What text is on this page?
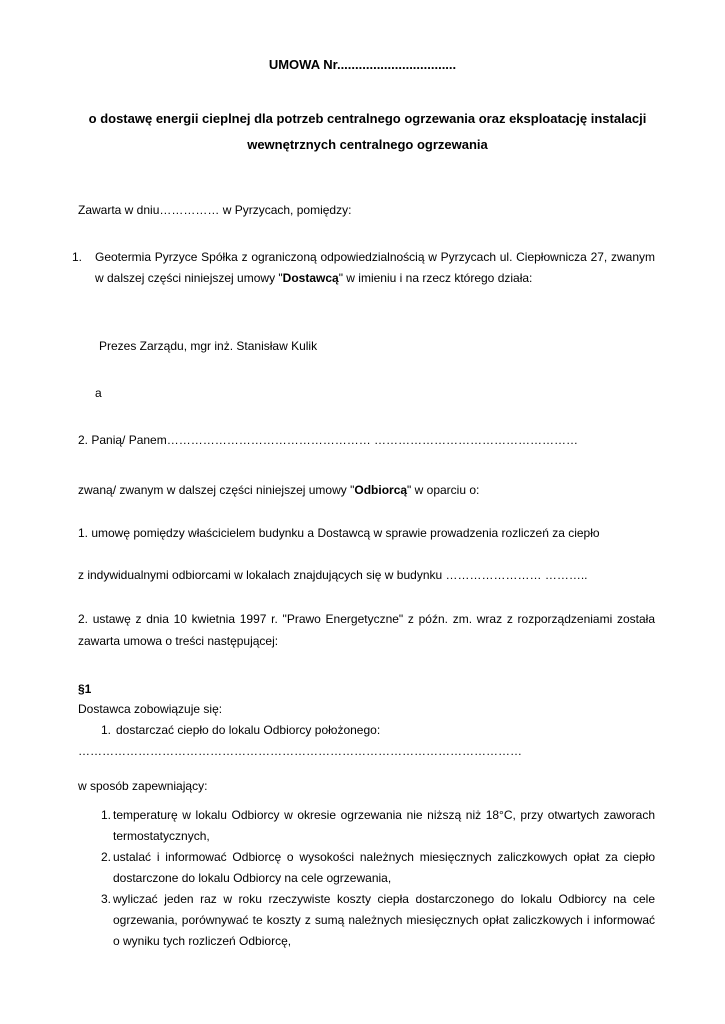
UMOWA Nr.................................
o dostawę energii cieplnej dla potrzeb centralnego ogrzewania oraz eksploatację instalacji wewnętrznych centralnego ogrzewania

Zawarta w dniu…………… w Pyrzycach, pomiędzy:

1. Geotermia Pyrzyce Spółka z ograniczoną odpowiedzialnością w Pyrzycach ul. Ciepłownicza 27, zwanym w dalszej części niniejszej umowy "Dostawcą" w imieniu i na rzecz którego działa:

Prezes Zarządu, mgr inż. Stanisław Kulik

a

2. Panią/ Panem…………………………………………… ……………………………………………

zwaną/ zwanym w dalszej części niniejszej umowy "Odbiorcą" w oparciu o:

1. umowę pomiędzy właścicielem budynku a Dostawcą w sprawie prowadzenia rozliczeń za ciepło

z indywidualnymi odbiorcami w lokalach znajdujących się w budynku …………………… ………..

2. ustawę z dnia 10 kwietnia 1997 r. "Prawo Energetyczne" z późn. zm. wraz z rozporządzeniami została zawarta umowa o treści następującej:

§1

Dostawca zobowiązuje się:

1. dostarczać ciepło do lokalu Odbiorcy położonego:

…………………………………………………………………………………………………

w sposób zapewniający:

1. temperaturę w lokalu Odbiorcy w okresie ogrzewania nie niższą niż 18°C, przy otwartych zaworach termostatycznych,

2. ustalać i informować Odbiorcę o wysokości należnych miesięcznych zaliczkowych opłat za ciepło dostarczone do lokalu Odbiorcy na cele ogrzewania,

3. wyliczać jeden raz w roku rzeczywiste koszty ciepła dostarczonego do lokalu Odbiorcy na cele ogrzewania, porównywać te koszty z sumą należnych miesięcznych opłat zaliczkowych i informować o wyniku tych rozliczeń Odbiorcę,
